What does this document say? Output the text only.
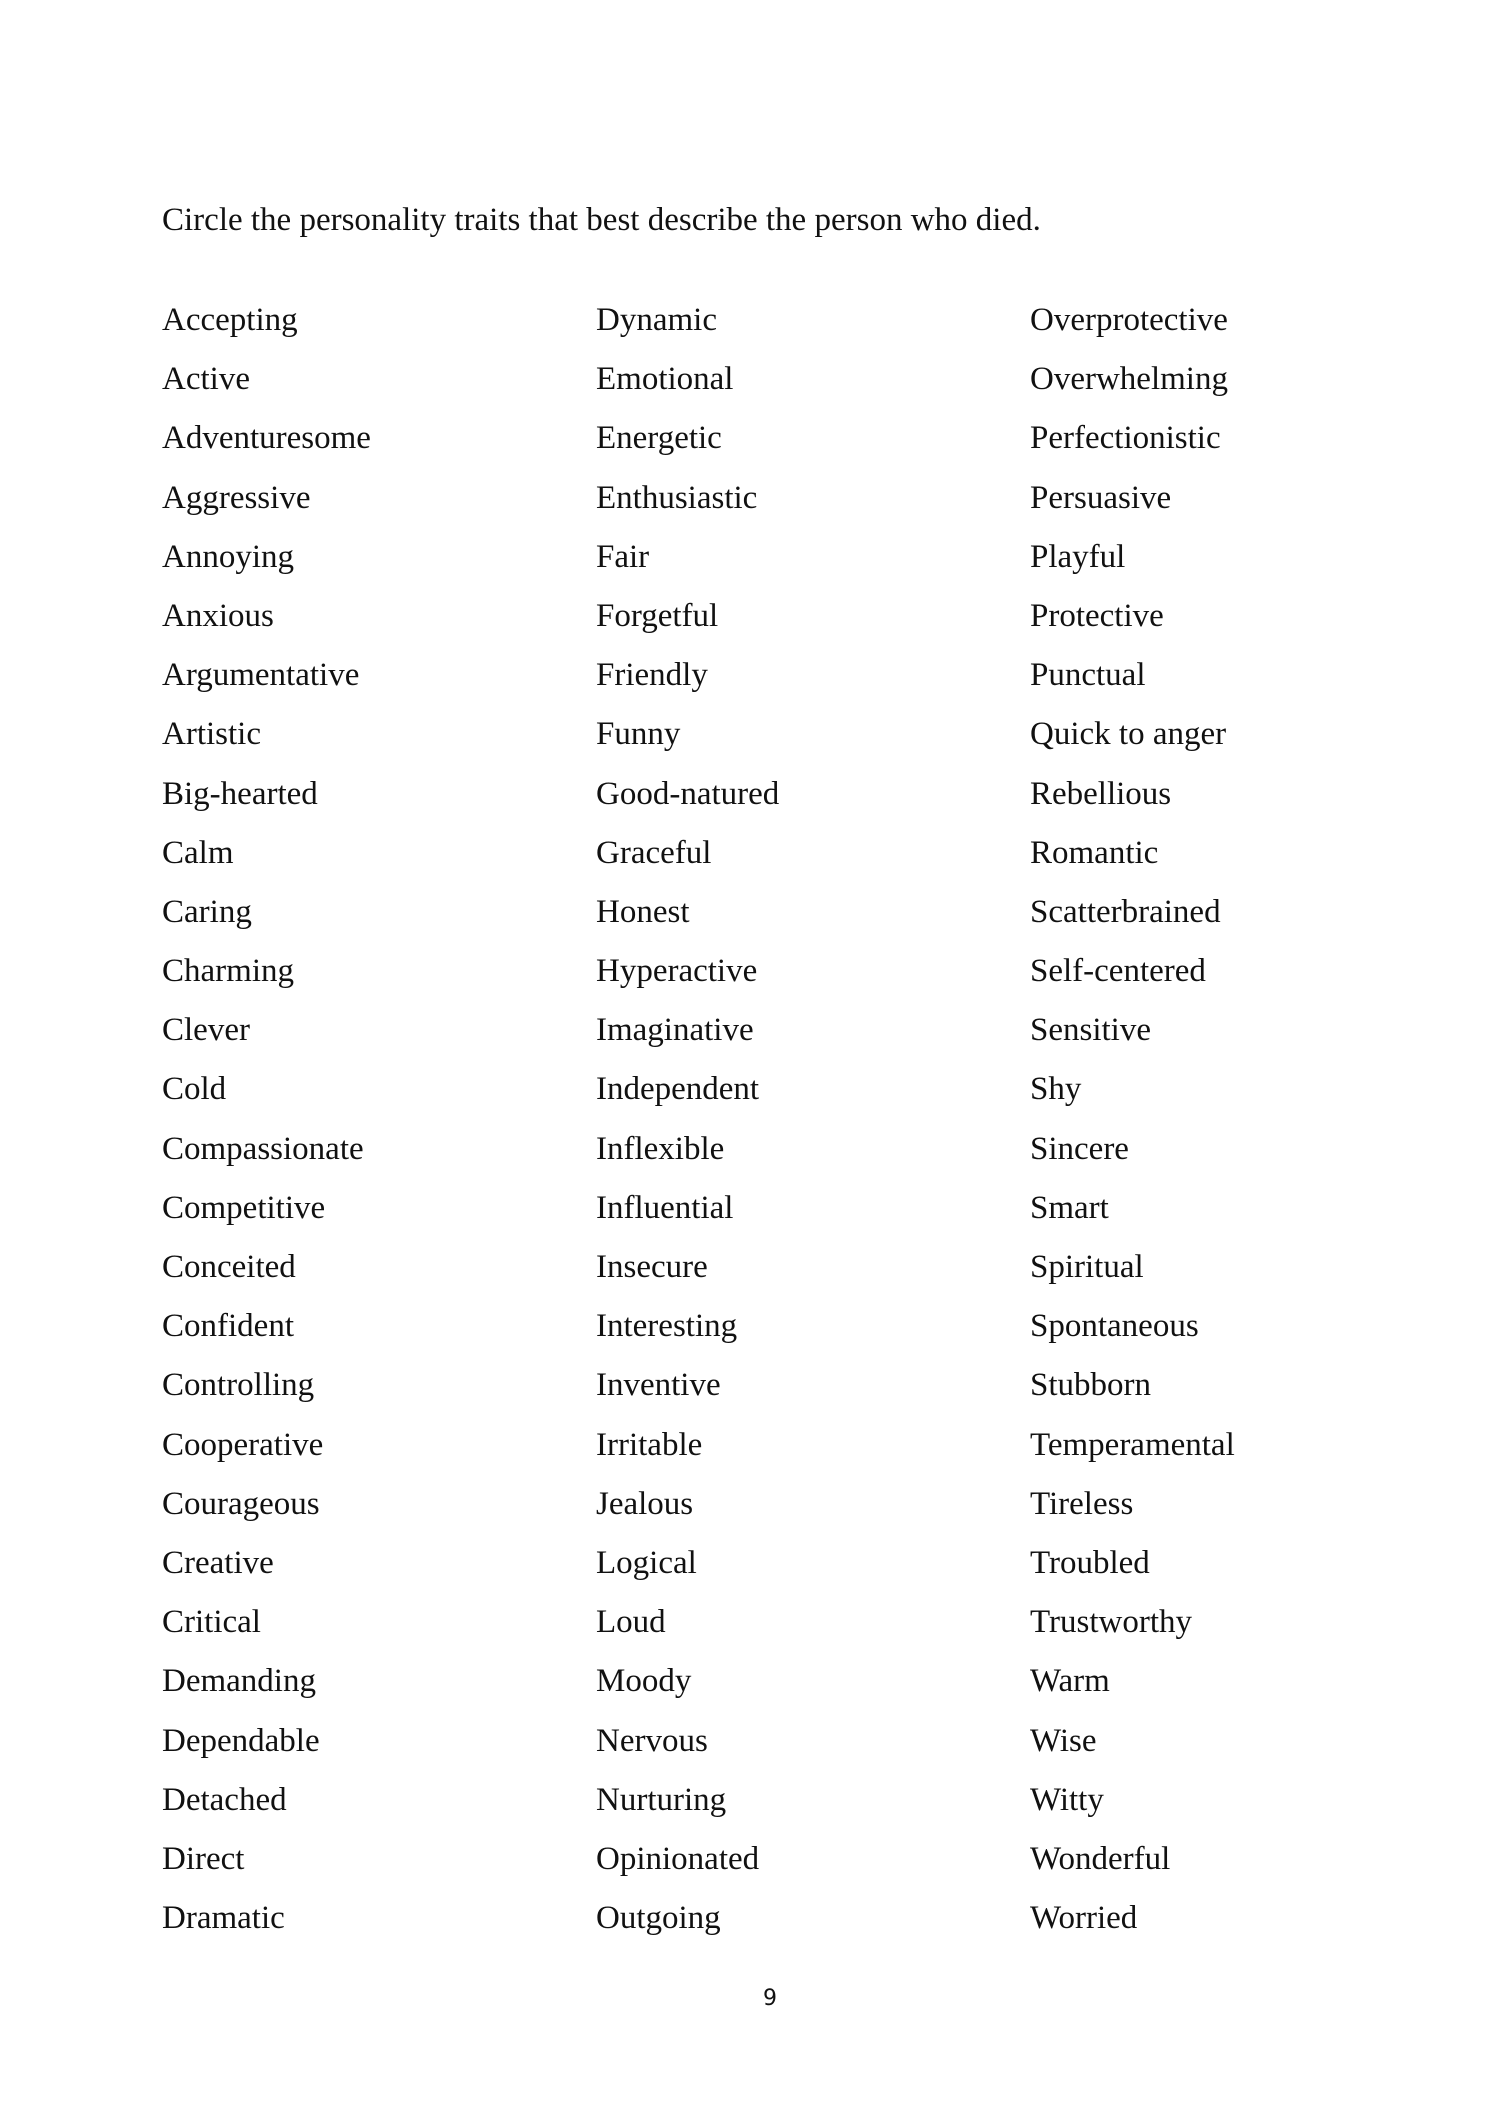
Circle the personality traits that best describe the person who died.
Accepting
Active
Adventuresome
Aggressive
Annoying
Anxious
Argumentative
Artistic
Big-hearted
Calm
Caring
Charming
Clever
Cold
Compassionate
Competitive
Conceited
Confident
Controlling
Cooperative
Courageous
Creative
Critical
Demanding
Dependable
Detached
Direct
Dramatic
Dynamic
Emotional
Energetic
Enthusiastic
Fair
Forgetful
Friendly
Funny
Good-natured
Graceful
Honest
Hyperactive
Imaginative
Independent
Inflexible
Influential
Insecure
Interesting
Inventive
Irritable
Jealous
Logical
Loud
Moody
Nervous
Nurturing
Opinionated
Outgoing
Overprotective
Overwhelming
Perfectionistic
Persuasive
Playful
Protective
Punctual
Quick to anger
Rebellious
Romantic
Scatterbrained
Self-centered
Sensitive
Shy
Sincere
Smart
Spiritual
Spontaneous
Stubborn
Temperamental
Tireless
Troubled
Trustworthy
Warm
Wise
Witty
Wonderful
Worried
9
